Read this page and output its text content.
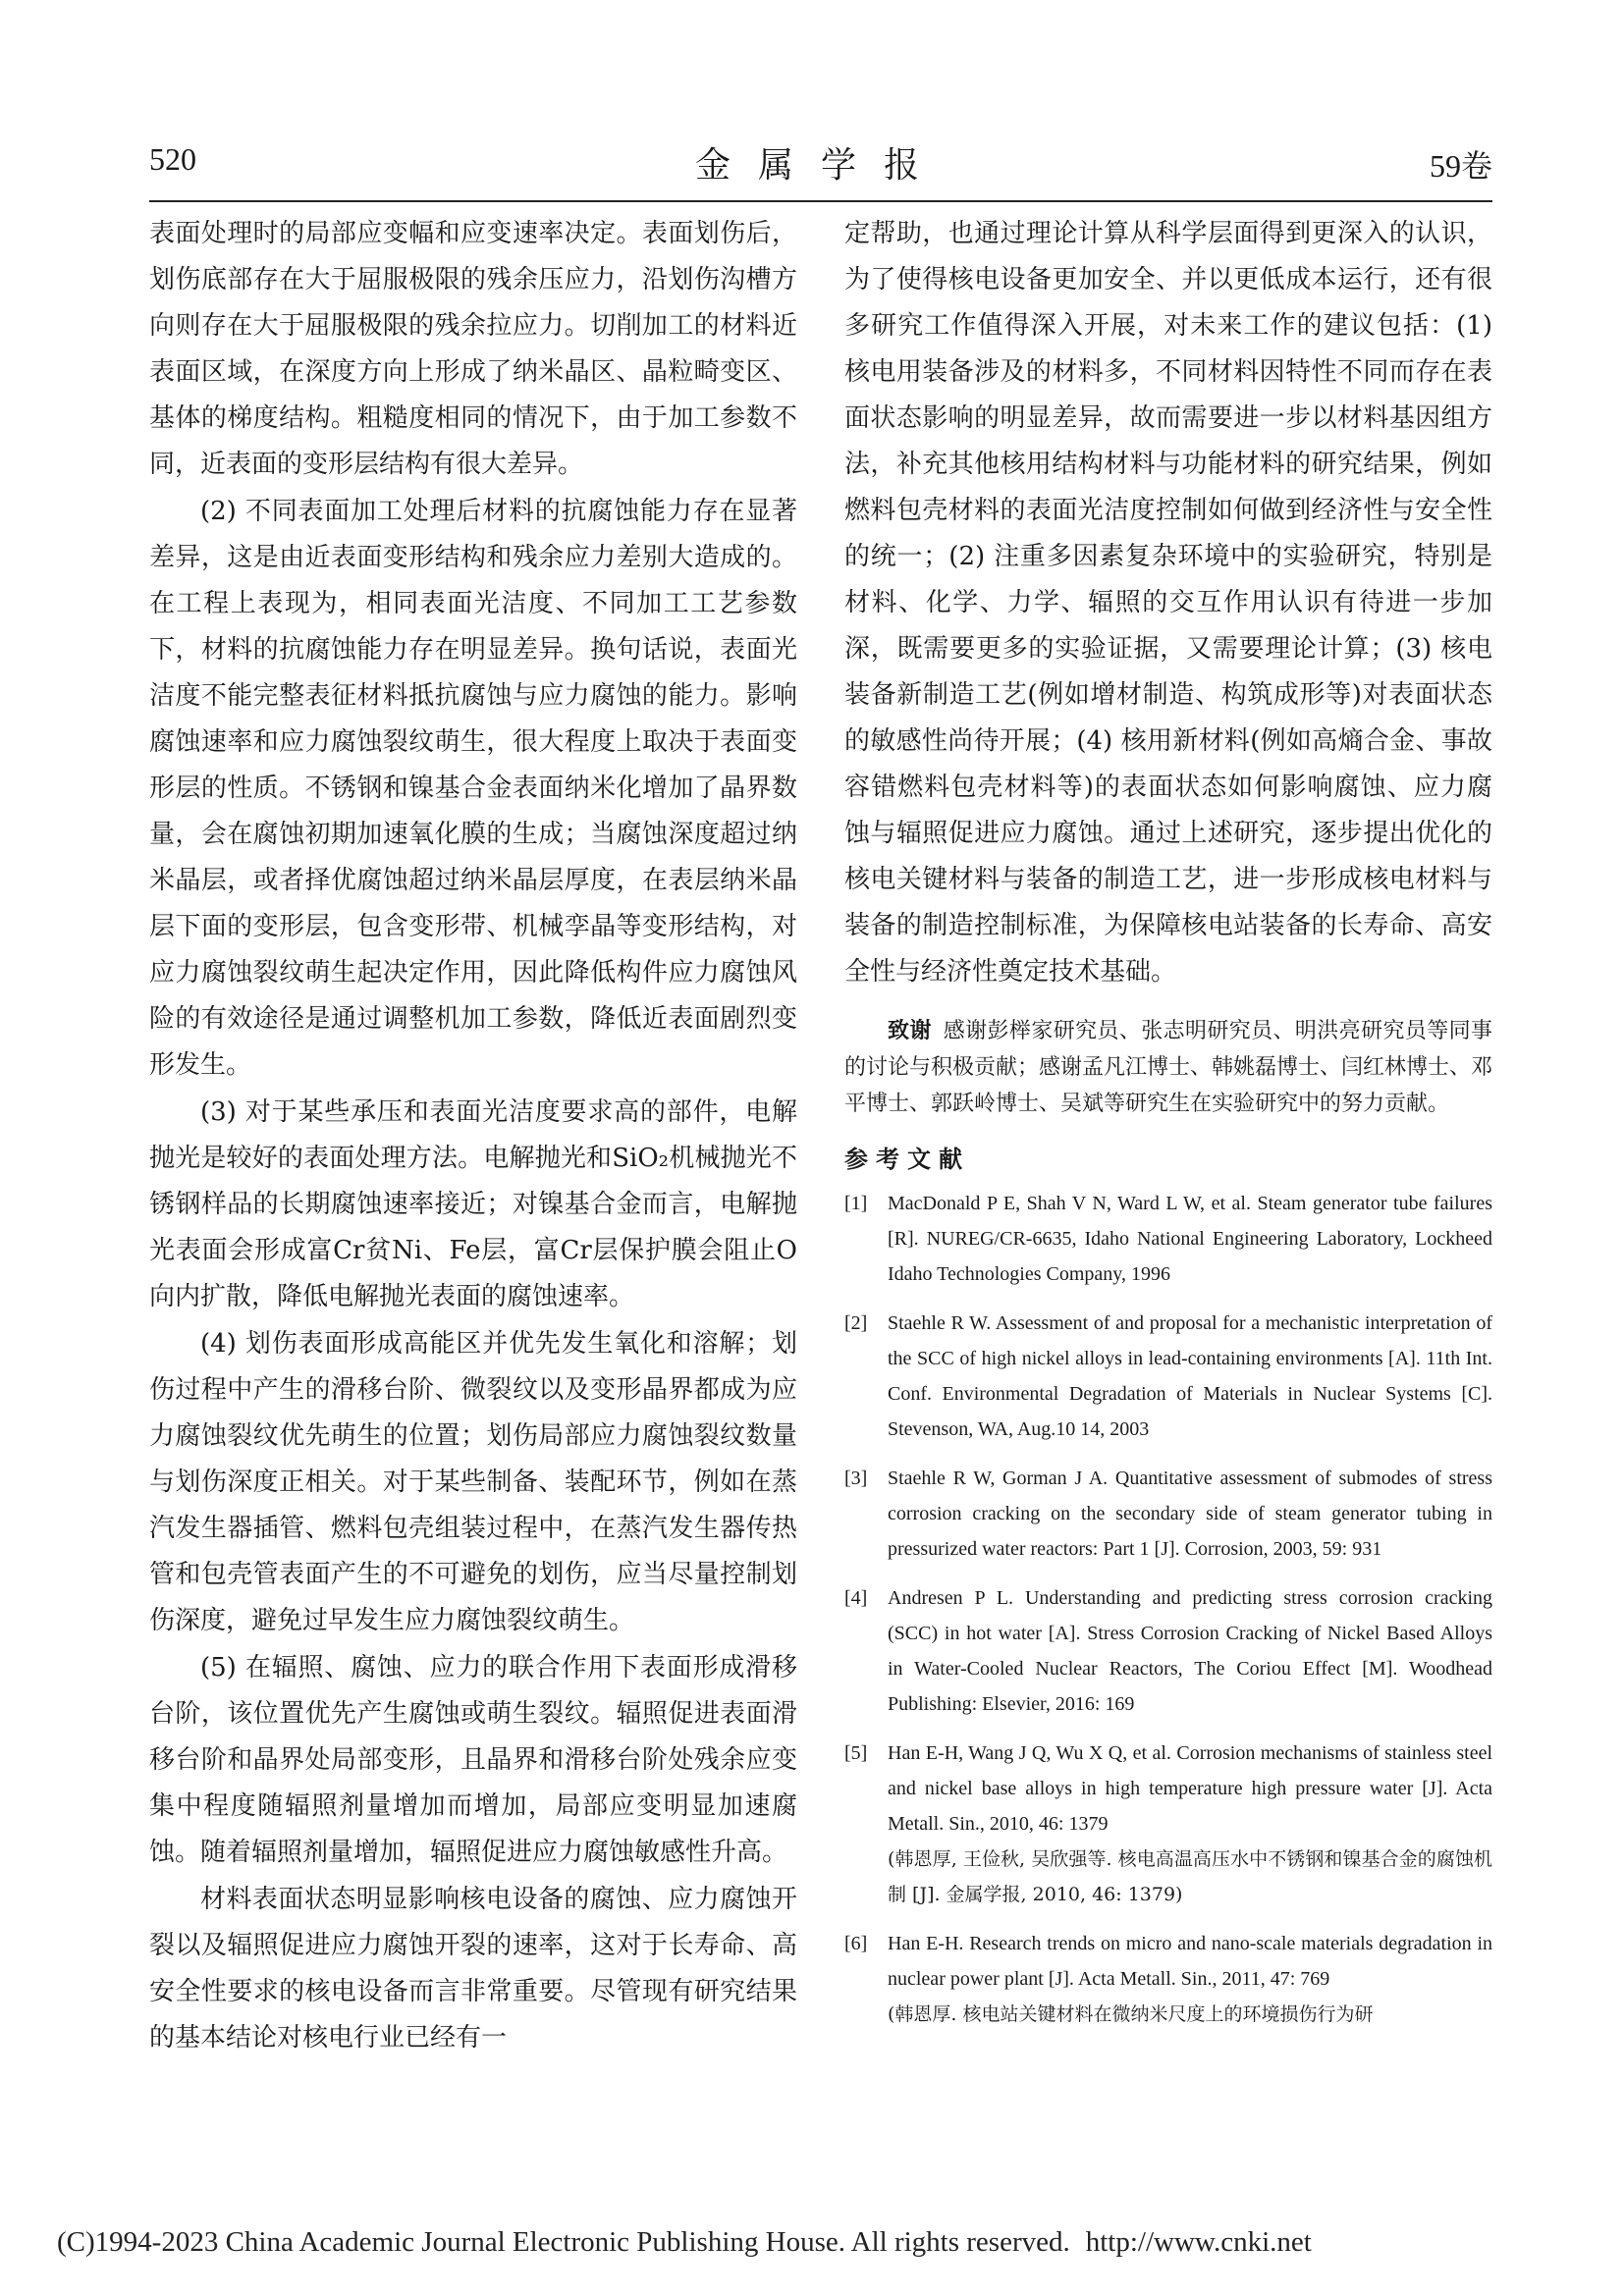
520	金属学报	59卷

表面处理时的局部应变幅和应变速率决定。表面划伤后，划伤底部存在大于屈服极限的残余压应力，沿划伤沟槽方向则存在大于屈服极限的残余拉应力。切削加工的材料近表面区域，在深度方向上形成了纳米晶区、晶粒畸变区、基体的梯度结构。粗糙度相同的情况下，由于加工参数不同，近表面的变形层结构有很大差异。

(2) 不同表面加工处理后材料的抗腐蚀能力存在显著差异，这是由近表面变形结构和残余应力差别大造成的。在工程上表现为，相同表面光洁度、不同加工工艺参数下，材料的抗腐蚀能力存在明显差异。换句话说，表面光洁度不能完整表征材料抵抗腐蚀与应力腐蚀的能力。影响腐蚀速率和应力腐蚀裂纹萌生，很大程度上取决于表面变形层的性质。不锈钢和镍基合金表面纳米化增加了晶界数量，会在腐蚀初期加速氧化膜的生成；当腐蚀深度超过纳米晶层，或者择优腐蚀超过纳米晶层厚度，在表层纳米晶层下面的变形层，包含变形带、机械孪晶等变形结构，对应力腐蚀裂纹萌生起决定作用，因此降低构件应力腐蚀风险的有效途径是通过调整机加工参数，降低近表面剧烈变形发生。

(3) 对于某些承压和表面光洁度要求高的部件，电解抛光是较好的表面处理方法。电解抛光和SiO₂机械抛光不锈钢样品的长期腐蚀速率接近；对镍基合金而言，电解抛光表面会形成富Cr贫Ni、Fe层，富Cr层保护膜会阻止O向内扩散，降低电解抛光表面的腐蚀速率。

(4) 划伤表面形成高能区并优先发生氧化和溶解；划伤过程中产生的滑移台阶、微裂纹以及变形晶界都成为应力腐蚀裂纹优先萌生的位置；划伤局部应力腐蚀裂纹数量与划伤深度正相关。对于某些制备、装配环节，例如在蒸汽发生器插管、燃料包壳组装过程中，在蒸汽发生器传热管和包壳管表面产生的不可避免的划伤，应当尽量控制划伤深度，避免过早发生应力腐蚀裂纹萌生。

(5) 在辐照、腐蚀、应力的联合作用下表面形成滑移台阶，该位置优先产生腐蚀或萌生裂纹。辐照促进表面滑移台阶和晶界处局部变形，且晶界和滑移台阶处残余应变集中程度随辐照剂量增加而增加，局部应变明显加速腐蚀。随着辐照剂量增加，辐照促进应力腐蚀敏感性升高。

材料表面状态明显影响核电设备的腐蚀、应力腐蚀开裂以及辐照促进应力腐蚀开裂的速率，这对于长寿命、高安全性要求的核电设备而言非常重要。尽管现有研究结果的基本结论对核电行业已经有一

定帮助，也通过理论计算从科学层面得到更深入的认识，为了使得核电设备更加安全、并以更低成本运行，还有很多研究工作值得深入开展，对未来工作的建议包括：(1) 核电用装备涉及的材料多，不同材料因特性不同而存在表面状态影响的明显差异，故而需要进一步以材料基因组方法，补充其他核用结构材料与功能材料的研究结果，例如燃料包壳材料的表面光洁度控制如何做到经济性与安全性的统一；(2) 注重多因素复杂环境中的实验研究，特别是材料、化学、力学、辐照的交互作用认识有待进一步加深，既需要更多的实验证据，又需要理论计算；(3) 核电装备新制造工艺(例如增材制造、构筑成形等)对表面状态的敏感性尚待开展；(4) 核用新材料(例如高熵合金、事故容错燃料包壳材料等)的表面状态如何影响腐蚀、应力腐蚀与辐照促进应力腐蚀。通过上述研究，逐步提出优化的核电关键材料与装备的制造工艺，进一步形成核电材料与装备的制造控制标准，为保障核电站装备的长寿命、高安全性与经济性奠定技术基础。

致谢 感谢彭榉家研究员、张志明研究员、明洪亮研究员等同事的讨论与积极贡献；感谢孟凡江博士、韩姚磊博士、闫红林博士、邓平博士、郭跃岭博士、吴斌等研究生在实验研究中的努力贡献。

参考文献
[1] MacDonald P E, Shah V N, Ward L W, et al. Steam generator tube failures [R]. NUREG/CR-6635, Idaho National Engineering Laboratory, Lockheed Idaho Technologies Company, 1996
[2] Staehle R W. Assessment of and proposal for a mechanistic interpretation of the SCC of high nickel alloys in lead-containing environments [A]. 11th Int. Conf. Environmental Degradation of Materials in Nuclear Systems [C]. Stevenson, WA, Aug.10 14, 2003
[3] Staehle R W, Gorman J A. Quantitative assessment of submodes of stress corrosion cracking on the secondary side of steam generator tubing in pressurized water reactors: Part 1 [J]. Corrosion, 2003, 59: 931
[4] Andresen P L. Understanding and predicting stress corrosion cracking (SCC) in hot water [A]. Stress Corrosion Cracking of Nickel Based Alloys in Water-Cooled Nuclear Reactors, The Coriou Effect [M]. Woodhead Publishing: Elsevier, 2016: 169
[5] Han E-H, Wang J Q, Wu X Q, et al. Corrosion mechanisms of stainless steel and nickel base alloys in high temperature high pressure water [J]. Acta Metall. Sin., 2010, 46: 1379
(韩恩厚, 王俭秋, 吴欣强等. 核电高温高压水中不锈钢和镍基合金的腐蚀机制 [J]. 金属学报, 2010, 46: 1379)
[6] Han E-H. Research trends on micro and nano-scale materials degradation in nuclear power plant [J]. Acta Metall. Sin., 2011, 47: 769
(韩恩厚. 核电站关键材料在微纳米尺度上的环境损伤行为研
(C)1994-2023 China Academic Journal Electronic Publishing House. All rights reserved. http://www.cnki.net
